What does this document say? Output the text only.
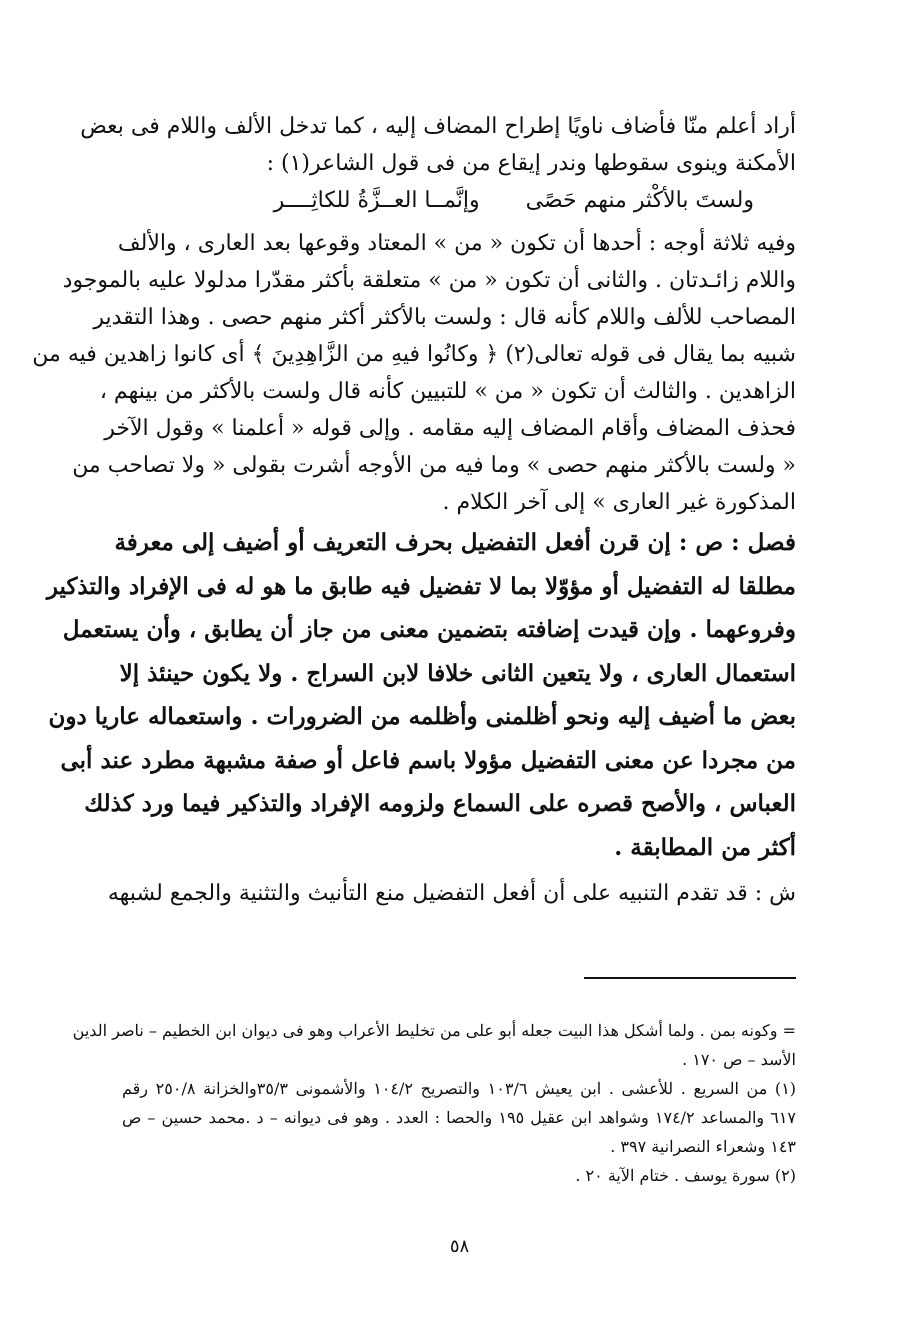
أراد أعلم منّا فأضاف ناويًا إطراح المضاف إليه ، كما تدخل الألف واللام فى بعض
الأمكنة وينوى سقوطها وندر إيقاع من فى قول الشاعر(١) :
ولستَ بالأكْثر منهم حَصًى
وإنَّمــا العــزَّةُ للكاثِــــر
وفيه ثلاثة أوجه : أحدها أن تكون « من » المعتاد وقوعها بعد العارى ، والألف
واللام زائـدتان . والثانى أن تكون « من » متعلقة بأكثر مقدّرا مدلولا عليه بالموجود
المصاحب للألف واللام كأنه قال : ولست بالأكثر أكثر منهم حصى . وهذا التقدير
شبيه بما يقال فى قوله تعالى(٢) ﴿ وكانُوا فيهِ من الزَّاهِدِينَ ﴾ أى كانوا زاهدين فيه من
الزاهدين . والثالث أن تكون « من » للتبيين كأنه قال ولست بالأكثر من بينهم ،
فحذف المضاف وأقام المضاف إليه مقامه . وإلى قوله « أعلمنا » وقول الآخر
« ولست بالأكثر منهم حصى » وما فيه من الأوجه أشرت بقولى « ولا تصاحب من
المذكورة غير العارى » إلى آخر الكلام .
فصل : ص : إن قرن أفعل التفضيل بحرف التعريف أو أضيف إلى معرفة
مطلقا له التفضيل أو مؤوّلا بما لا تفضيل فيه طابق ما هو له فى الإفراد والتذكير
وفروعهما . وإن قيدت إضافته بتضمين معنى من جاز أن يطابق ، وأن يستعمل
استعمال العارى ، ولا يتعين الثانى خلافا لابن السراج . ولا يكون حينئذ إلا
بعض ما أضيف إليه ونحو أظلمنى وأظلمه من الضرورات . واستعماله عاريا دون
من مجردا عن معنى التفضيل مؤولا باسم فاعل أو صفة مشبهة مطرد عند أبى
العباس ، والأصح قصره على السماع ولزومه الإفراد والتذكير فيما ورد كذلك
أكثر من المطابقة .
ش : قد تقدم التنبيه على أن أفعل التفضيل منع التأنيث والتثنية والجمع لشبهه
= وكونه بمن . ولما أشكل هذا البيت جعله أبو على من تخليط الأعراب وهو فى ديوان ابن الخطيم – ناصر الدين
الأسد – ص ١٧٠ .
(١) من السريع . للأعشى . ابن يعيش ١٠٣/٦ والتصريح ١٠٤/٢ والأشمونى ٣٥/٣والخزانة ٢٥٠/٨ رقم
٦١٧ والمساعد ١٧٤/٢ وشواهد ابن عقيل ١٩٥ والحصا : العدد . وهو فى ديوانه – د .محمد حسين – ص
١٤٣ وشعراء النصرانية ٣٩٧ .
(٢) سورة يوسف . ختام الآية ٢٠ .
٥٨
